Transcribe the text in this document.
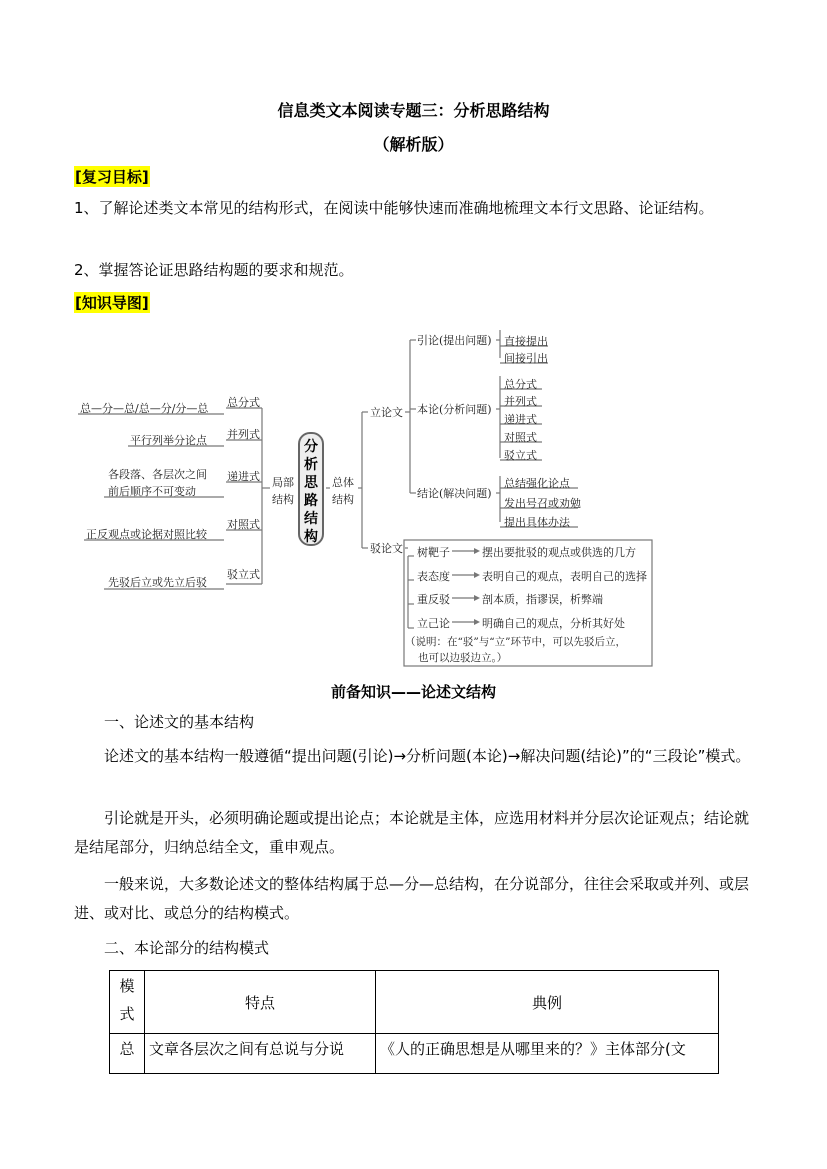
信息类文本阅读专题三：分析思路结构
（解析版）
[复习目标]
1、了解论述类文本常见的结构形式，在阅读中能够快速而准确地梳理文本行文思路、论证结构。
2、掌握答论证思路结构题的要求和规范。
[知识导图]
总分式
总—分—总/总—分/分—总
并列式
平行列举分论点
递进式
各段落、各层次之间
前后顺序不可变动
对照式
正反观点或论据对照比较
驳立式
先驳后立或先立后驳
局部
结构
分
析
思
路
结
构
总体
结构
立论文
引论(提出问题) 直接提出
间接引出
本论(分析问题)
总分式
并列式
递进式
对照式
驳立式
结论(解决问题)
总结强化论点
发出号召或劝勉
提出具体办法
驳论文 树靶子	摆出要批驳的观点或供选的几方
表态度	表明自己的观点，表明自己的选择
重反驳	剖本质，指谬误，析弊端
立己论	明确自己的观点，分析其好处
（说明：在“驳”与“立”环节中，可以先驳后立，
也可以边驳边立。）
前备知识——论述文结构
一、论述文的基本结构
论述文的基本结构一般遵循“提出问题(引论)→分析问题(本论)→解决问题(结论)”的“三段论”模式。
引论就是开头，必须明确论题或提出论点；本论就是主体，应选用材料并分层次论证观点；结论就是结尾部分，归纳总结全文，重申观点。
一般来说，大多数论述文的整体结构属于总—分—总结构，在分说部分，往往会采取或并列、或层进、或对比、或总分的结构模式。
二、本论部分的结构模式
模
式	特点	典例
总	文章各层次之间有总说与分说	《人的正确思想是从哪里来的？》主体部分(文
